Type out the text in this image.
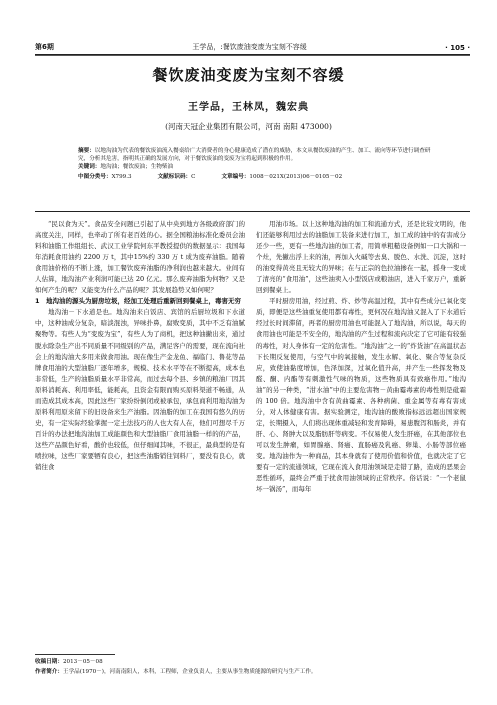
第6期	王学品，:餐饮废油变废为宝刻不容缓	· 105 ·
餐饮废油变废为宝刻不容缓
王学品，王林凤，魏宏典
(河南天冠企业集团有限公司，河南 南阳 473000)
摘要：以地沟油为代表的餐饮废油流入餐桌给广大消费者的身心健康造成了潜在的威胁，本文从餐饮废油的产生、加工、流向等环节进行调查研究，分析其危害，指明其正确的发展方向，对于餐饮废油的变废为宝将起到积极的作用。
关键词：地沟油；餐饮废油；生物柴油
中图分类号：X799.3	文献标识码：C	文章编号：1008－021X(2013)06－0105－02

“民以食为天”。食品安全问题已引起了从中央到地方各级政府部门的高度关注，同样，也牵动了所有老百姓的心。据全国粮油标准化委员会油料和油脂工作组组长、武汉工业学院何东平教授提供的数据显示：我国每年消耗食用油约 2200 万 t，其中15%约 330 万 t 成为废弃油脂。随着食用油价格的不断上涨，加工餐饮废弃油脂的净利润也越来越大。业间有人估算，地沟油产业利润可能已达 20 亿元。那么废弃油脂为何物？又是如何产生的呢？又能变为什么产品的呢？其发展趋势又如何呢？

1　地沟油的源头为厨房垃圾，经加工处理后重新回到餐桌上，毒害无穷

地沟油－下水道是也。地沟油来自饭店、宾馆的后厨垃圾和下水道中，这种油成分复杂，暗淡混浊，异味扑鼻，腐败变质，其中不乏有油腻聚物等。有些人为“变废为宝”，有些人为了商机，把这种油撇出来，通过脱水除杂生产出不同质量不同级别的产品，满足客户的需要，现在流向社会上的地沟油大多用来做食用油。现在像生产金龙鱼、福临门、鲁花等品牌食用油的大型油脂厂逐年增多，规模、技术水平等在不断提高，成本也非常低，生产的油脂质量水平非常高，而过去每个县、乡镇的粮油厂因其原料消耗高、利用率低，能耗高，且资金有限而购买原料渠道不畅通，从而造成其成本高，因此这些厂家纷纷倒闭或被承包，承包商利用地沟油为原料利用原来留下的旧设备来生产油脂。因油脂的加工在我国有悠久的历史，有一定实际经验掌握一定土法技巧的人也大有人在，他们可想尽千万百计的办法把地沟油加工成能颜色和大型油脂厂食用油脂一样的的产品，这些产品颜色好看，酸价也较低，但仔细闻其味，不很正，最典型的是有喷拉味，这些厂家要牺有良心，把这些油脂销往饲料厂，要没有良心，就销往食

用油市场。以上这种地沟油的加工和流通方式，还是比较文明的，他们还能够利用过去的油脂加工装备来进行加工，加工成的油中的有害成分还少一些，更有一些地沟油的加工者，用简单粗糙设备例如一口大锅和一个灶，先撇出浮上来的油，再加入火碱等去臭、脱色、水洗、沉淀，这时的油变得黄亮且无较大的异味；在与正宗的色拉油掺在一起，摇身一变成了清亮的“食用油”，这些油卖入小型饭店或粮油店，进入千家万户，重新回到餐桌上。

平时厨房用油，经过煎、炸、炒等高温过程，其中有些成分已氧化变质，即便是这些油重复使用都有毒性，更何况在地沟油又混入了下水道后经过长时间滞留，再者的厨房用油也可能混入了地沟油，所以说，每天的食用油也可能是不安全的，地沟油的产生过程和流向决定了它可能有较强的毒性，对人身体有一定的危害性。“地沟油”之一的“炸货油”在高温状态下长期反复使用，与空气中的氧接触，发生水解、氧化、聚合等复杂反应，致使油黏度增加，色泽加深，过氧化值升高，并产生一些挥发物及醛、酮、内酯等有刺激性气味的物质，这些物质具有致癌作用。”地沟油”的另一种类，“泔水油”中的主要危害物－黄曲霉毒素的毒性则是砒霜的 100 倍。地沟油中含有黄曲霉素、各种病菌、重金属等有毒有害成分，对人体健康有害。据实验测定，地沟油的酸败指标远远超出国家规定，长期摄入，人们将出现体重减轻和发育障碍，易患腹泻和肠炎，并有肝、心、肾肿大以及脂肪肝等病变。不仅易使人发生肝癌，在其他部位也可以发生肿瘤，如胃腺癌、肾癌、直肠癌及乳癌、卵巢、小肠等部位癌变。地沟油作为一种商品，其本身就有了使用价值和价值，也就决定了它要有一定的流通领域，它现在流入食用油领域是走错了路，造成的恶果会恶性循环，最终会严重于扰食用油领域的正常秩序。俗话说：“一个老鼠坏一锅汤”，而每年

收稿日期：2013－05－08
作者简介：王学品(1970－)，河南南阳人，本科，工程师，企业负责人，主要从事生物质能源的研究与生产工作。
